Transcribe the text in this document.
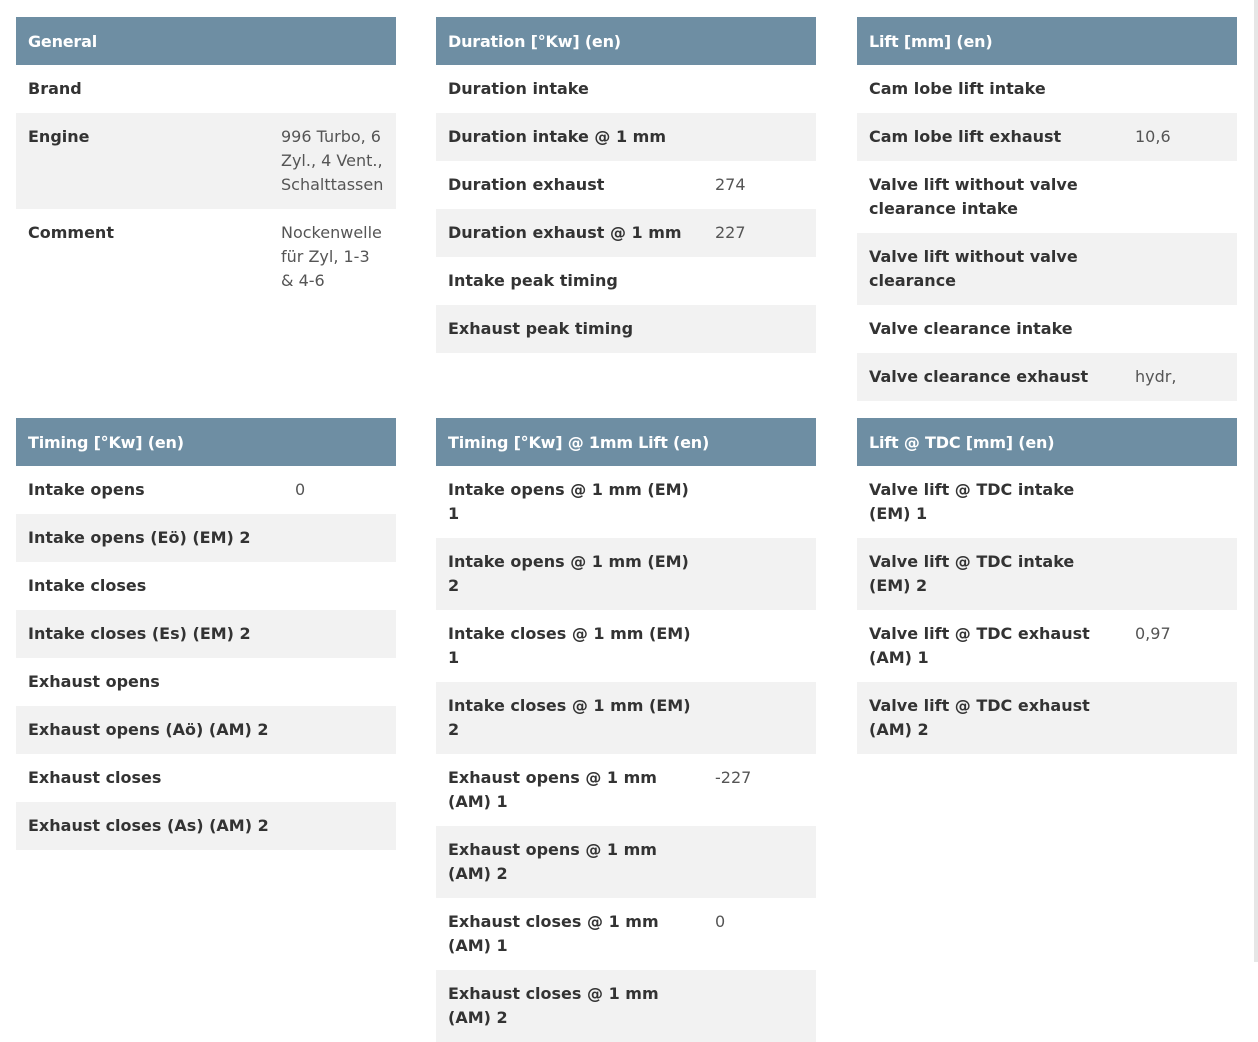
General	
Brand	
Engine	996 Turbo, 6 Zyl., 4 Vent., Schalttassen
Comment	Nockenwelle für Zyl, 1-3 & 4-6
Duration [°Kw] (en)	
Duration intake	
Duration intake @ 1 mm	
Duration exhaust	274
Duration exhaust @ 1 mm	227
Intake peak timing	
Exhaust peak timing	
Lift [mm] (en)	
Cam lobe lift intake	
Cam lobe lift exhaust	10,6
Valve lift without valve clearance intake	
Valve lift without valve clearance	
Valve clearance intake	
Valve clearance exhaust	hydr,
Timing [°Kw] (en)	
Intake opens	0
Intake opens (Eö) (EM) 2	
Intake closes	
Intake closes (Es) (EM) 2	
Exhaust opens	
Exhaust opens (Aö) (AM) 2	
Exhaust closes	
Exhaust closes (As) (AM) 2	
Timing [°Kw] @ 1mm Lift (en)	
Intake opens @ 1 mm (EM) 1	
Intake opens @ 1 mm (EM) 2	
Intake closes @ 1 mm (EM) 1	
Intake closes @ 1 mm (EM) 2	
Exhaust opens @ 1 mm (AM) 1	-227
Exhaust opens @ 1 mm (AM) 2	
Exhaust closes @ 1 mm (AM) 1	0
Exhaust closes @ 1 mm (AM) 2	
Lift @ TDC [mm] (en)	
Valve lift @ TDC intake (EM) 1	
Valve lift @ TDC intake (EM) 2	
Valve lift @ TDC exhaust (AM) 1	0,97
Valve lift @ TDC exhaust (AM) 2	
